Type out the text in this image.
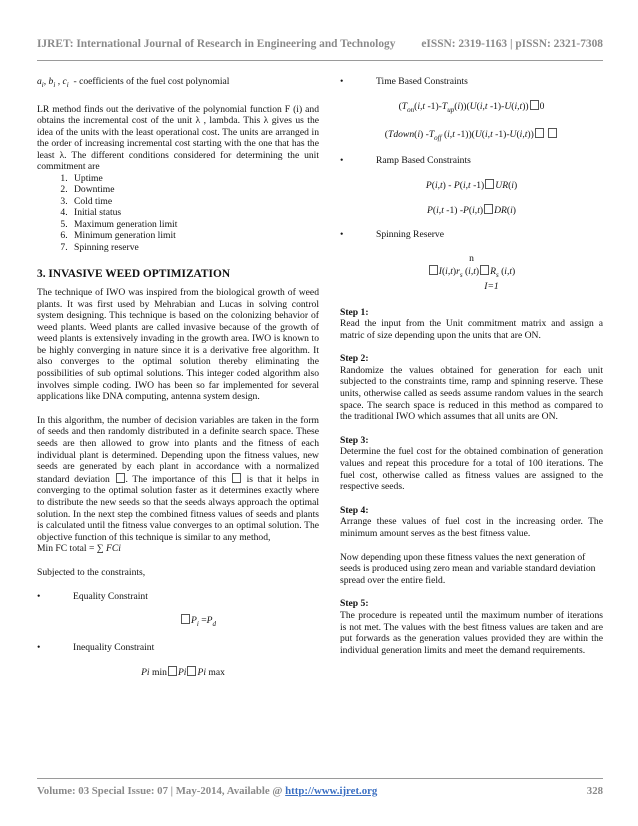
IJRET: International Journal of Research in Engineering and Technology eISSN: 2319-1163 | pISSN: 2321-7308

$a_i$, $b_i$ , $c_i$ - coefficients of the fuel cost polynomial

LR method finds out the derivative of the polynomial function F (i) and obtains the incremental cost of the unit λ , lambda. This λ gives us the idea of the units with the least operational cost. The units are arranged in the order of increasing incremental cost starting with the one that has the least λ. The different conditions considered for determining the unit commitment are

1. Uptime
2. Downtime
3. Cold time
4. Initial status
5. Maximum generation limit
6. Minimum generation limit
7. Spinning reserve
3. INVASIVE WEED OPTIMIZATION

The technique of IWO was inspired from the biological growth of weed plants. It was first used by Mehrabian and Lucas in solving control system designing. This technique is based on the colonizing behavior of weed plants. Weed plants are called invasive because of the growth of weed plants is extensively invading in the growth area. IWO is known to be highly converging in nature since it is a derivative free algorithm. It also converges to the optimal solution thereby eliminating the possibilities of sub optimal solutions. This integer coded algorithm also involves simple coding. IWO has been so far implemented for several applications like DNA computing, antenna system design.

In this algorithm, the number of decision variables are taken in the form of seeds and then randomly distributed in a definite search space. These seeds are then allowed to grow into plants and the fitness of each individual plant is determined. Depending upon the fitness values, new seeds are generated by each plant in accordance with a normalized standard deviation . The importance of this is that it helps in converging to the optimal solution faster as it determines exactly where to distribute the new seeds so that the seeds always approach the optimal solution. In the next step the combined fitness values of seeds and plants is calculated until the fitness value converges to an optimal solution. The objective function of this technique is similar to any method,
Min FC total = ∑ FCi

Subjected to the constraints,

•	Equality Constraint
$P_i =P_d$
•	Inequality Constraint
Pi min Pi Pi max
•	Time Based Constraints
($T_{on}(i,t$ $-1)-T_{up}(i))(U(i,t$ -1)-U(i,t)) 0
(Tdown(i) $-T_{off}$ (i,t -1))(U(i,t -1)-U(i,t))
•	Ramp Based Constraints
P(i,t) - P(i,t -1) UR(i)
P(i,t -1) -P(i,t) DR(i)
•	Spinning Reserve
n
$I(i,t)r_s$ (i,t) $R_s$ (i,t)
I=1

Step 1:

Read the input from the Unit commitment matrix and assign a matric of size depending upon the units that are ON.

Step 2:

Randomize the values obtained for generation for each unit subjected to the constraints time, ramp and spinning reserve. These units, otherwise called as seeds assume random values in the search space. The search space is reduced in this method as compared to the traditional IWO which assumes that all units are ON.

Step 3:

Determine the fuel cost for the obtained combination of generation values and repeat this procedure for a total of 100 iterations. The fuel cost, otherwise called as fitness values are assigned to the respective seeds.

Step 4:

Arrange these values of fuel cost in the increasing order. The minimum amount serves as the best fitness value.

Now depending upon these fitness values the next generation of seeds is produced using zero mean and variable standard deviation spread over the entire field.

Step 5:

The procedure is repeated until the maximum number of iterations is not met. The values with the best fitness values are taken and are put forwards as the generation values provided they are within the individual generation limits and meet the demand requirements.

Volume: 03 Special Issue: 07 | May-2014, Available @ http://www.ijret.org	328
